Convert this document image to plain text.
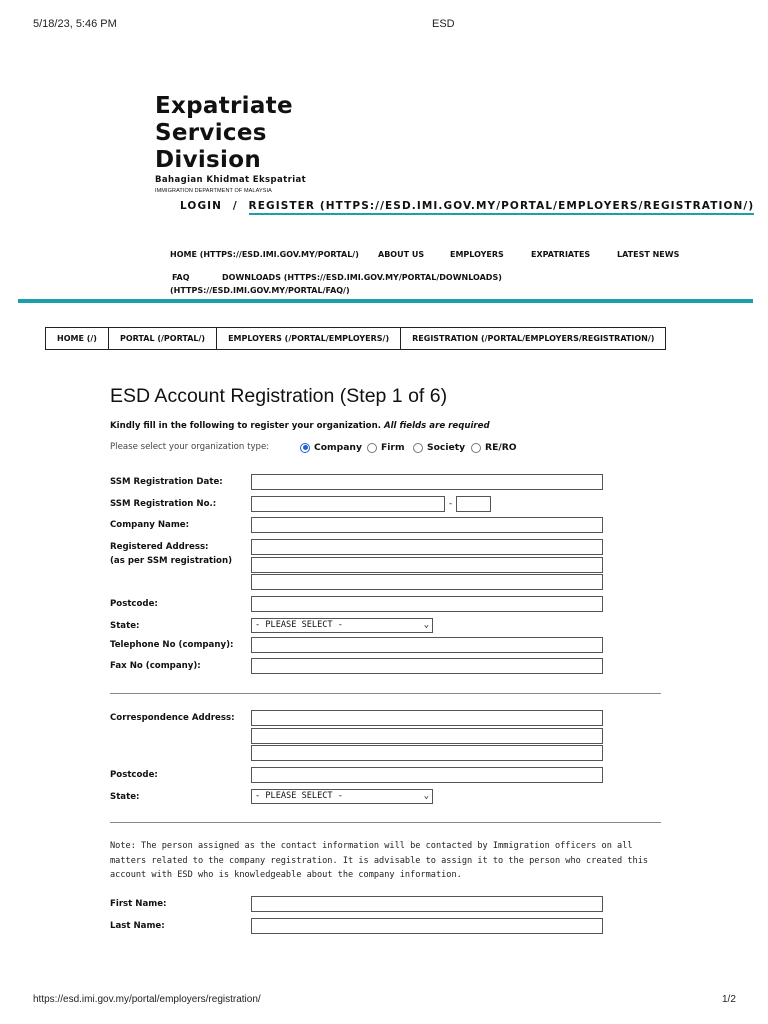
5/18/23, 5:46 PM	ESD
Expatriate
Services
Division
Bahagian Khidmat Ekspatriat
IMMIGRATION DEPARTMENT OF MALAYSIA
LOGIN / REGISTER (HTTPS://ESD.IMI.GOV.MY/PORTAL/EMPLOYERS/REGISTRATION/)
HOME (HTTPS://ESD.IMI.GOV.MY/PORTAL/) ABOUT US	EMPLOYERS	EXPATRIATES	LATEST NEWS
FAQ	DOWNLOADS (HTTPS://ESD.IMI.GOV.MY/PORTAL/DOWNLOADS)
(HTTPS://ESD.IMI.GOV.MY/PORTAL/FAQ/)
HOME (/)	PORTAL (/PORTAL/)	EMPLOYERS (/PORTAL/EMPLOYERS/)	REGISTRATION (/PORTAL/EMPLOYERS/REGISTRATION/)
ESD Account Registration (Step 1 of 6)
Kindly fill in the following to register your organization. All fields are required
Please select your organization type:	Company Firm Society RE/RO
SSM Registration Date:
SSM Registration No.:	-
Company Name:
Registered Address:
(as per SSM registration)
Postcode:
State:	- PLEASE SELECT -	⌄
Telephone No (company):
Fax No (company):
Correspondence Address:
Postcode:
State:	- PLEASE SELECT -	⌄
Note: The person assigned as the contact information will be contacted by Immigration officers on all matters related to the company registration. It is advisable to assign it to the person who created this account with ESD who is knowledgeable about the company information.
First Name:
Last Name:
https://esd.imi.gov.my/portal/employers/registration/	1/2
